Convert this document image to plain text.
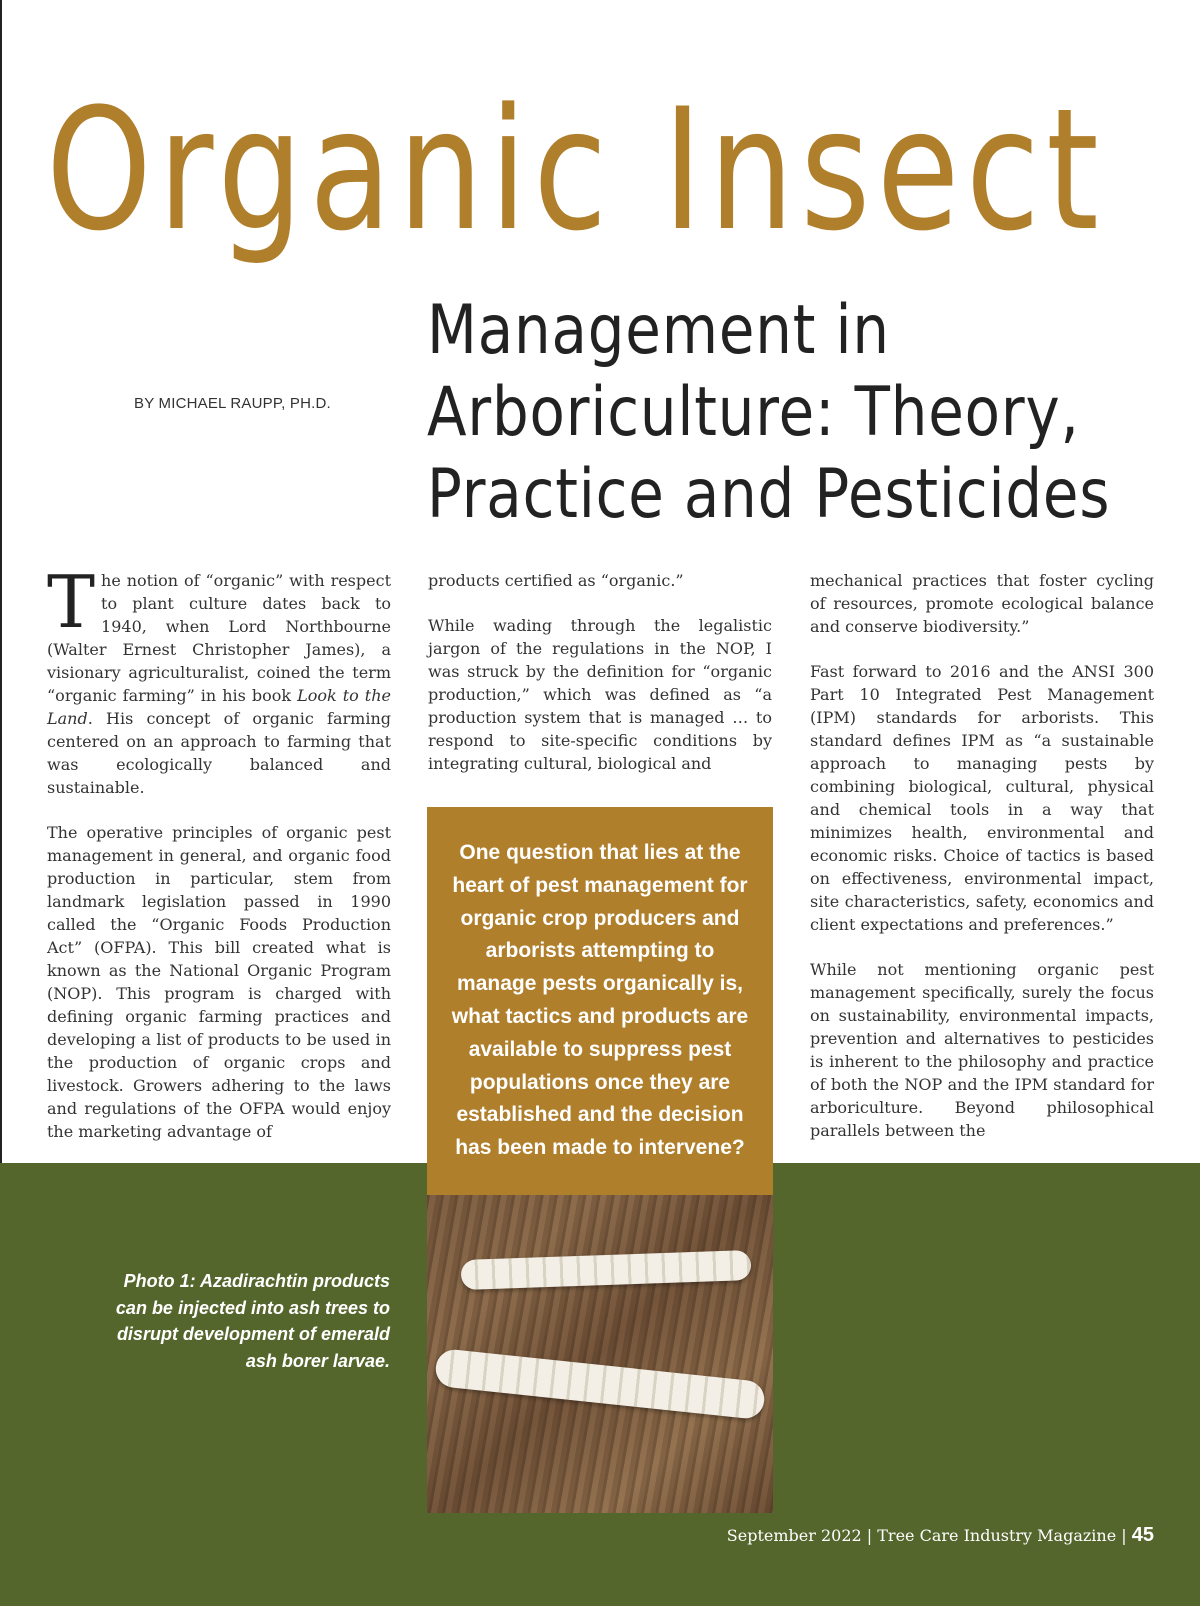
Organic Insect
BY MICHAEL RAUPP, PH.D.
Management in
Arboriculture: Theory,
Practice and Pesticides

The notion of “organic” with respect to plant culture dates back to 1940, when Lord Northbourne (Walter Ernest Christopher James), a visionary agriculturalist, coined the term “organic farming” in his book Look to the Land. His concept of organic farming centered on an approach to farming that was ecologically balanced and sustainable.

The operative principles of organic pest management in general, and organic food production in particular, stem from landmark legislation passed in 1990 called the “Organic Foods Production Act” (OFPA). This bill created what is known as the National Organic Program (NOP). This program is charged with defining organic farming practices and developing a list of products to be used in the production of organic crops and livestock. Growers adhering to the laws and regulations of the OFPA would enjoy the marketing advantage of

products certified as “organic.”

While wading through the legalistic jargon of the regulations in the NOP, I was struck by the definition for “organic production,” which was defined as “a production system that is managed … to respond to site-specific conditions by integrating cultural, biological and

mechanical practices that foster cycling of resources, promote ecological balance and conserve biodiversity.”

Fast forward to 2016 and the ANSI 300 Part 10 Integrated Pest Management (IPM) standards for arborists. This standard defines IPM as “a sustainable approach to managing pests by combining biological, cultural, physical and chemical tools in a way that minimizes health, environmental and economic risks. Choice of tactics is based on effectiveness, environmental impact, site characteristics, safety, economics and client expectations and preferences.”

While not mentioning organic pest management specifically, surely the focus on sustainability, environmental impacts, prevention and alternatives to pesticides is inherent to the philosophy and practice of both the NOP and the IPM standard for arboriculture. Beyond philosophical parallels between the

One question that lies at the heart of pest management for organic crop producers and arborists attempting to manage pests organically is, what tactics and products are available to suppress pest populations once they are established and the decision has been made to intervene?
Photo 1: Azadirachtin products can be injected into ash trees to disrupt development of emerald ash borer larvae.
September 2022 | Tree Care Industry Magazine | 45
